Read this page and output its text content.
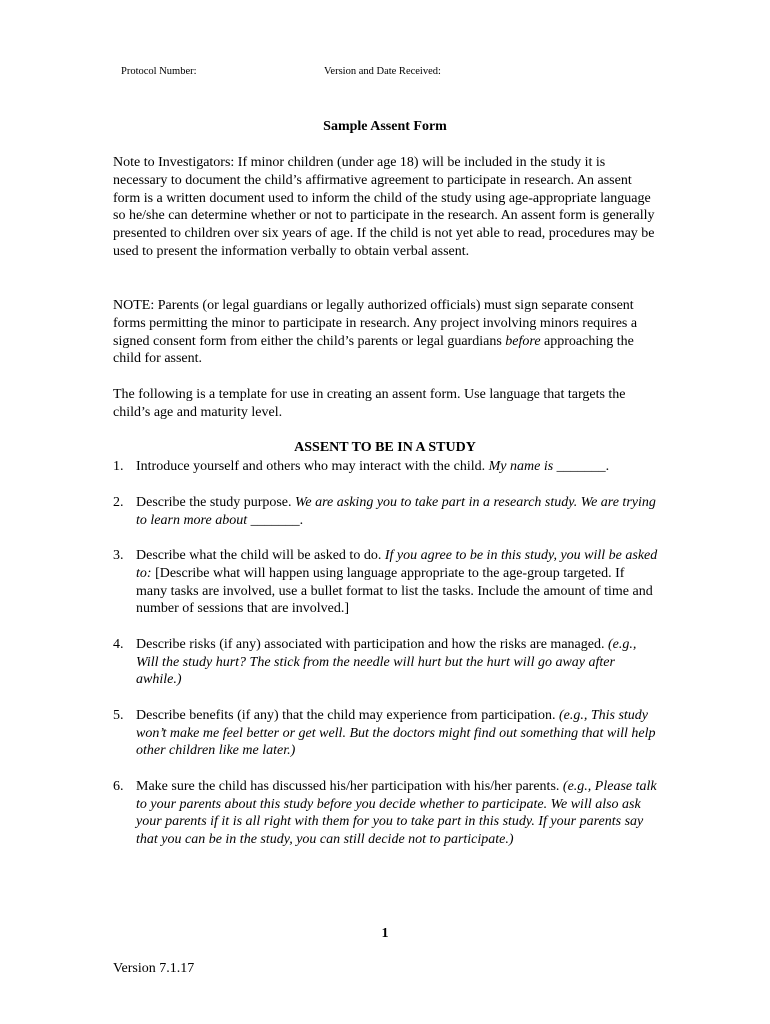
Protocol Number:	Version and Date Received:
Sample Assent Form

Note to Investigators: If minor children (under age 18) will be included in the study it is necessary to document the child’s affirmative agreement to participate in research. An assent form is a written document used to inform the child of the study using age-appropriate language so he/she can determine whether or not to participate in the research. An assent form is generally presented to children over six years of age. If the child is not yet able to read, procedures may be used to present the information verbally to obtain verbal assent.

NOTE: Parents (or legal guardians or legally authorized officials) must sign separate consent forms permitting the minor to participate in research. Any project involving minors requires a signed consent form from either the child’s parents or legal guardians before approaching the child for assent.

The following is a template for use in creating an assent form. Use language that targets the child’s age and maturity level.

ASSENT TO BE IN A STUDY
1. Introduce yourself and others who may interact with the child. My name is _______.
2. Describe the study purpose. We are asking you to take part in a research study. We are trying to learn more about _______.
3. Describe what the child will be asked to do. If you agree to be in this study, you will be asked to: [Describe what will happen using language appropriate to the age-group targeted. If many tasks are involved, use a bullet format to list the tasks. Include the amount of time and number of sessions that are involved.]
4. Describe risks (if any) associated with participation and how the risks are managed. (e.g., Will the study hurt? The stick from the needle will hurt but the hurt will go away after awhile.)
5. Describe benefits (if any) that the child may experience from participation. (e.g., This study won’t make me feel better or get well. But the doctors might find out something that will help other children like me later.)
6. Make sure the child has discussed his/her participation with his/her parents. (e.g., Please talk to your parents about this study before you decide whether to participate. We will also ask your parents if it is all right with them for you to take part in this study. If your parents say that you can be in the study, you can still decide not to participate.)
1
Version 7.1.17
